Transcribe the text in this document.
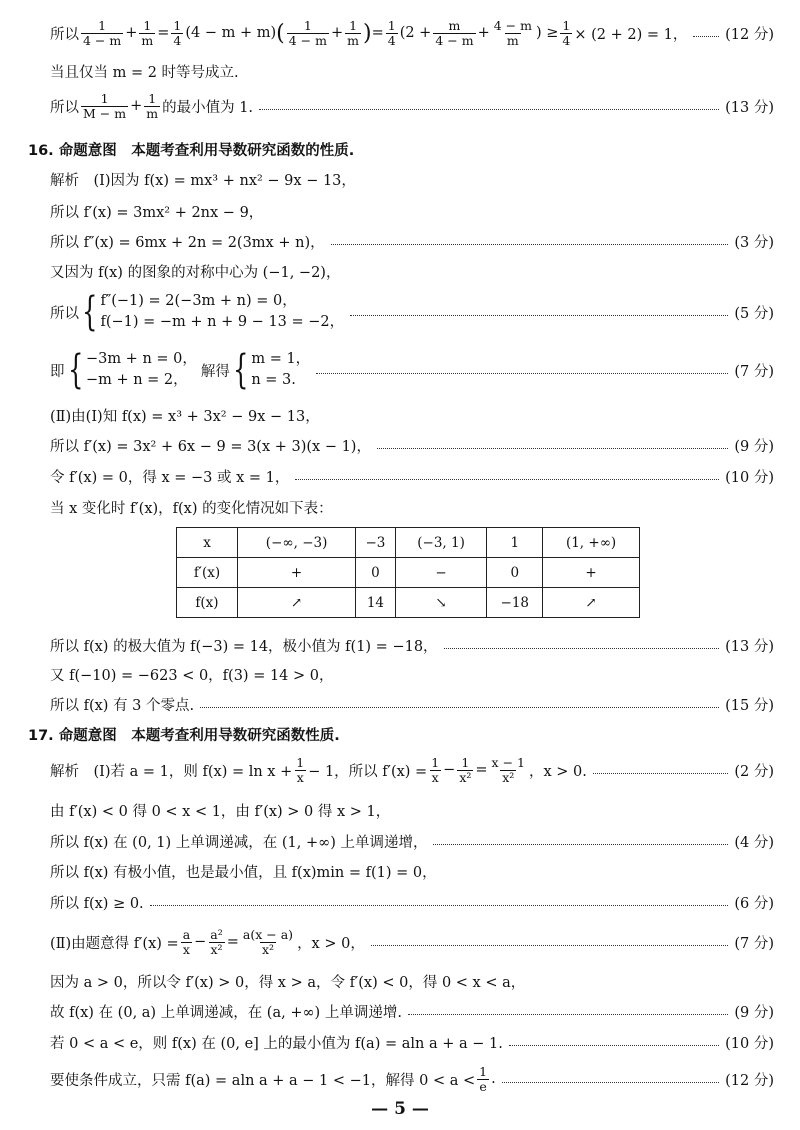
所以 $\frac{1}{4 - m} + \frac{1}{m} = \frac{1}{4} (4 - m + m)$ ( $\frac{1}{4 - m} + \frac{1}{m}$ ) = $\frac{1}{4} (2 + \frac{m}{4 - m} + \frac{4 - m}{m}$ ) ≥ $\frac{1}{4} \times (2 + 2) = 1$，	(12 分)
当且仅当 m = 2 时等号成立.
所以 $\frac{1}{M - m} + \frac{1}{m}$ 的最小值为 1.	(13 分)
16. 命题意图　本题考查利用导数研究函数的性质.
解析　(Ⅰ)因为 f(x) = mx³ + nx² − 9x − 13，
所以 f′(x) = 3mx² + 2nx − 9，
所以 f″(x) = 6mx + 2n = 2(3mx + n)，	(3 分)
又因为 f(x) 的图象的对称中心为 (−1, −2)，
所以 { f″(−1) = 2(−3m + n) = 0，
f(−1) = −m + n + 9 − 13 = −2，
(5 分)
即 { −3m + n = 0，
−m + n = 2，
解得 { m = 1，
n = 3.
(7 分)
(Ⅱ)由(Ⅰ)知 f(x) = x³ + 3x² − 9x − 13，
所以 f′(x) = 3x² + 6x − 9 = 3(x + 3)(x − 1)，	(9 分)
令 f′(x) = 0，得 x = −3 或 x = 1，	(10 分)
当 x 变化时 f′(x)，f(x) 的变化情况如下表：
x	(−∞, −3)	−3	(−3, 1)	1	(1, +∞)
f′(x)	+	0	−	0	+
f(x)	↗	14	↘	−18	↗
所以 f(x) 的极大值为 f(−3) = 14，极小值为 f(1) = −18，	(13 分)
又 f(−10) = −623 < 0，f(3) = 14 > 0，
所以 f(x) 有 3 个零点.	(15 分)
17. 命题意图　本题考查利用导数研究函数性质.
解析　(Ⅰ)若 a = 1，则 $f(x) = \ln x + \frac{1}{x} - 1$，所以 $f'(x) = \frac{1}{x} - \frac{1}{\text{x²}} = \frac{x - 1}{\text{x²}}$ ，x > 0.	(2 分)
由 f′(x) < 0 得 0 < x < 1，由 f′(x) > 0 得 x > 1，
所以 f(x) 在 (0, 1) 上单调递减，在 (1, +∞) 上单调递增，	(4 分)
所以 f(x) 有极小值，也是最小值，且 f(x)min = f(1) = 0，
所以 f(x) ≥ 0.	(6 分)
(Ⅱ)由题意得 $f'(x) = \frac{a}{x} - \frac{\text{a²}}{\text{x²}} = \frac{a(x - a)}{\text{x²}}$ ，x > 0，	(7 分)
因为 a > 0，所以令 f′(x) > 0，得 x > a，令 f′(x) < 0，得 0 < x < a，
故 f(x) 在 (0, a) 上单调递减，在 (a, +∞) 上单调递增.	(9 分)
若 0 < a < e，则 f(x) 在 (0, e] 上的最小值为 f(a) = aln a + a − 1.	(10 分)
要使条件成立，只需 f(a) = aln a + a − 1 < −1，解得 $0 < a < \frac{1}{e}$ .	(12 分)
— 5 —
